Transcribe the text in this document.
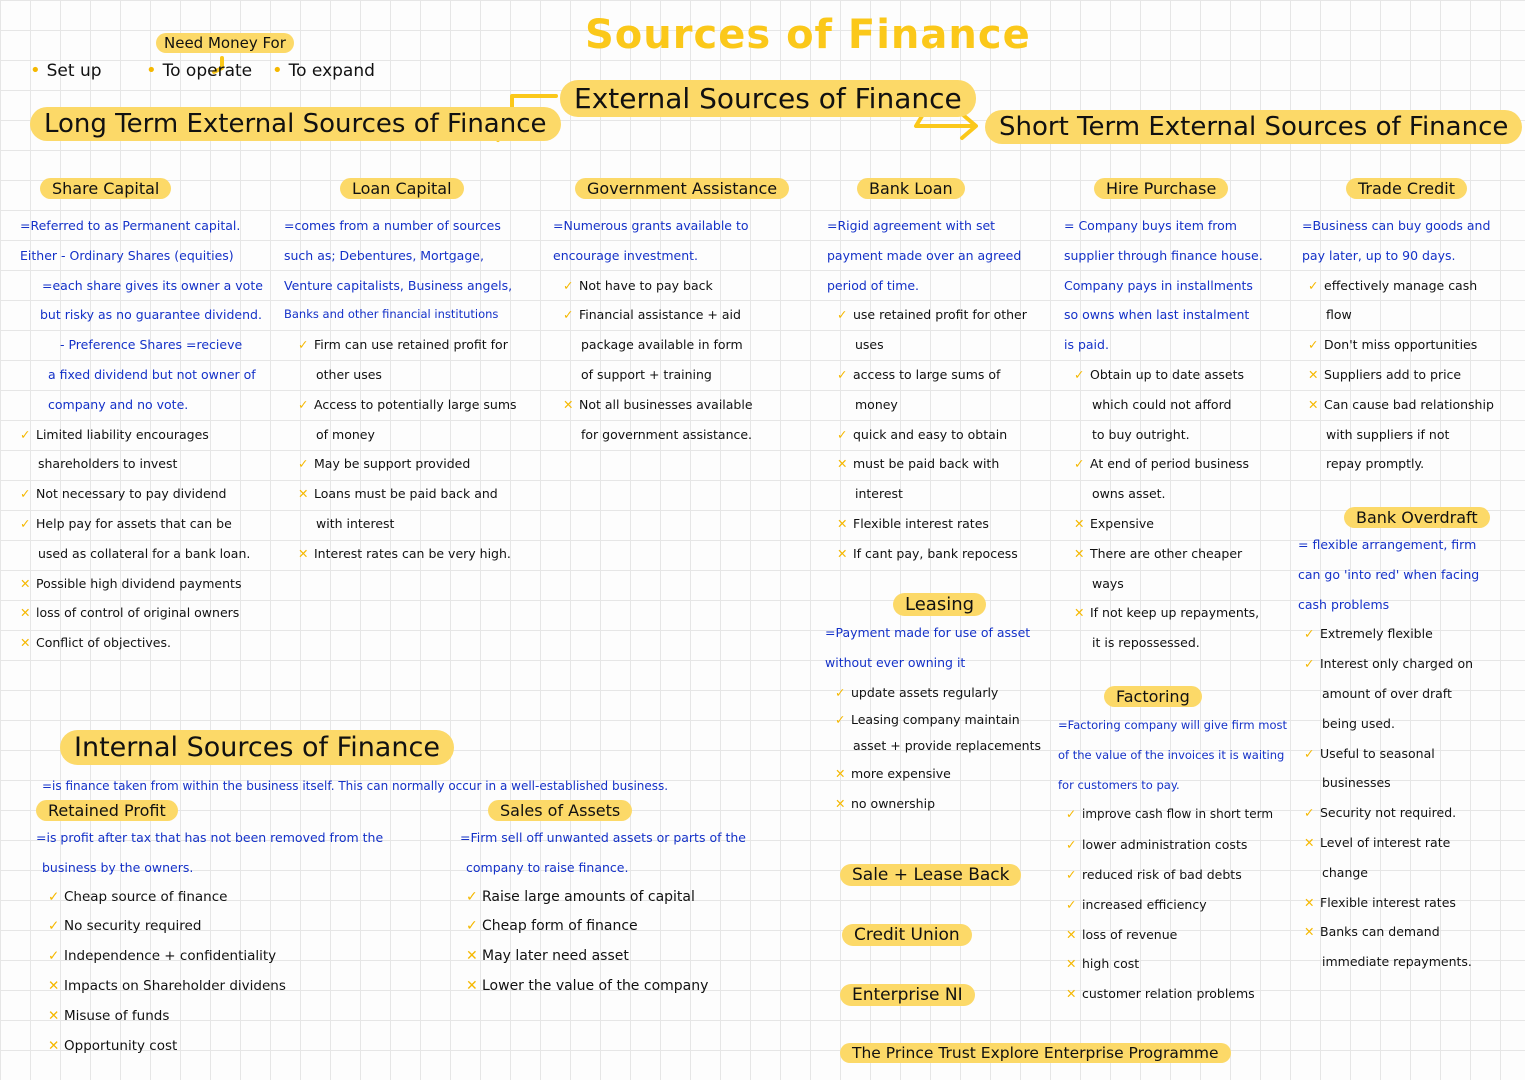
Sources of Finance
Need Money For
• Set up • To operate • To expand
External Sources of Finance
Long Term External Sources of Finance	Short Term External Sources of Finance
Share Capital
=Referred to as Permanent capital.
Either - Ordinary Shares (equities)
=each share gives its owner a vote
but risky as no guarantee dividend.
- Preference Shares =recieve
a fixed dividend but not owner of
company and no vote.
✓ Limited liability encourages
shareholders to invest
✓ Not necessary to pay dividend
✓ Help pay for assets that can be
used as collateral for a bank loan.
✕ Possible high dividend payments
✕ loss of control of original owners
✕ Conflict of objectives.
Loan Capital
=comes from a number of sources
such as; Debentures, Mortgage,
Venture capitalists, Business angels,
Banks and other financial institutions
✓ Firm can use retained profit for
other uses
✓ Access to potentially large sums
of money
✓ May be support provided
✕ Loans must be paid back and
with interest
✕ Interest rates can be very high.
Government Assistance
=Numerous grants available to
encourage investment.
✓ Not have to pay back
✓ Financial assistance + aid
package available in form
of support + training
✕ Not all businesses available
for government assistance.
Bank Loan
=Rigid agreement with set
payment made over an agreed
period of time.
✓ use retained profit for other
uses
✓ access to large sums of
money
✓ quick and easy to obtain
✕ must be paid back with
interest
✕ Flexible interest rates
✕ If cant pay, bank repocess
Leasing
=Payment made for use of asset
without ever owning it
✓ update assets regularly
✓ Leasing company maintain
asset + provide replacements
✕ more expensive
✕ no ownership
Sale + Lease Back
Credit Union
Enterprise NI
The Prince Trust Explore Enterprise Programme
Hire Purchase
= Company buys item from
supplier through finance house.
Company pays in installments
so owns when last instalment
is paid.
✓ Obtain up to date assets
which could not afford
to buy outright.
✓ At end of period business
owns asset.
✕ Expensive
✕ There are other cheaper
ways
✕ If not keep up repayments,
it is repossessed.
Factoring
=Factoring company will give firm most
of the value of the invoices it is waiting
for customers to pay.
✓ improve cash flow in short term
✓ lower administration costs
✓ reduced risk of bad debts
✓ increased efficiency
✕ loss of revenue
✕ high cost
✕ customer relation problems
Trade Credit
=Business can buy goods and
pay later, up to 90 days.
✓ effectively manage cash
flow
✓ Don't miss opportunities
✕ Suppliers add to price
✕ Can cause bad relationship
with suppliers if not
repay promptly.
Bank Overdraft
= flexible arrangement, firm
can go 'into red' when facing
cash problems
✓ Extremely flexible
✓ Interest only charged on
amount of over draft
being used.
✓ Useful to seasonal
businesses
✓ Security not required.
✕ Level of interest rate
change
✕ Flexible interest rates
✕ Banks can demand
immediate repayments.
Internal Sources of Finance
=is finance taken from within the business itself. This can normally occur in a well-established business.
Retained Profit
=is profit after tax that has not been removed from the
business by the owners.
✓ Cheap source of finance
✓ No security required
✓ Independence + confidentiality
✕ Impacts on Shareholder dividens
✕ Misuse of funds
✕ Opportunity cost
Sales of Assets
=Firm sell off unwanted assets or parts of the
company to raise finance.
✓ Raise large amounts of capital
✓ Cheap form of finance
✕ May later need asset
✕ Lower the value of the company
